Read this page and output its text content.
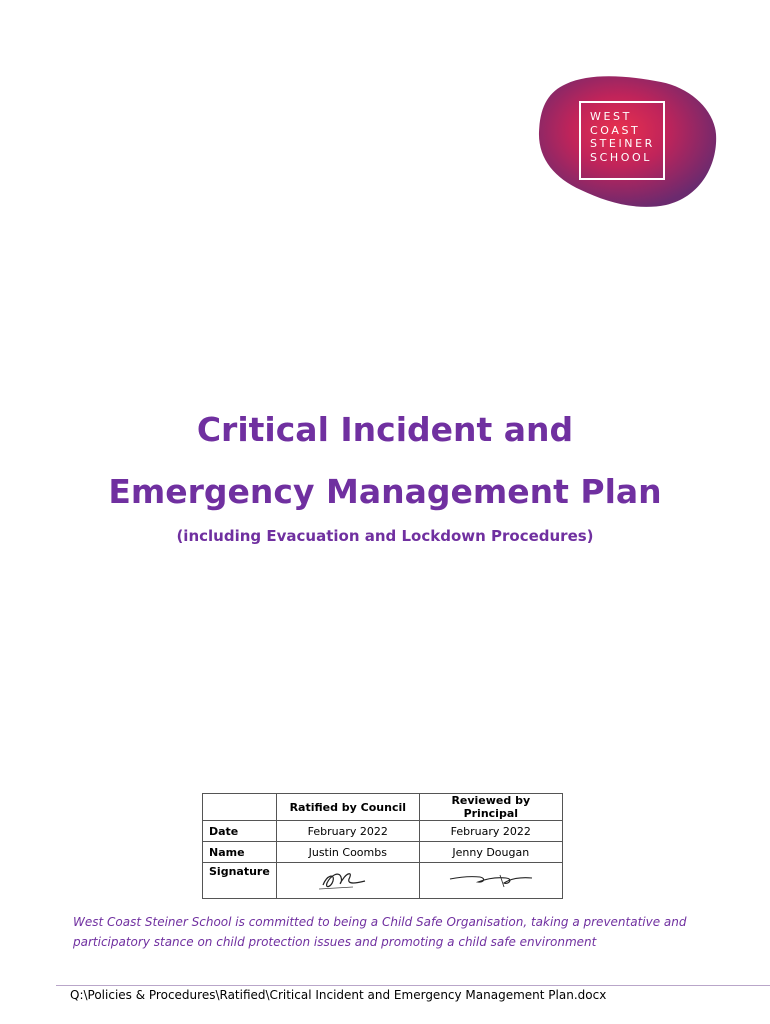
WEST
COAST
STEINER
SCHOOL
Critical Incident and
Emergency Management Plan
(including Evacuation and Lockdown Procedures)
	Ratified by Council	Reviewed by Principal
Date	February 2022	February 2022
Name	Justin Coombs	Jenny Dougan
Signature		

West Coast Steiner School is committed to being a Child Safe Organisation, taking a preventative and participatory stance on child protection issues and promoting a child safe environment

Q:\Policies & Procedures\Ratified\Critical Incident and Emergency Management Plan.docx
